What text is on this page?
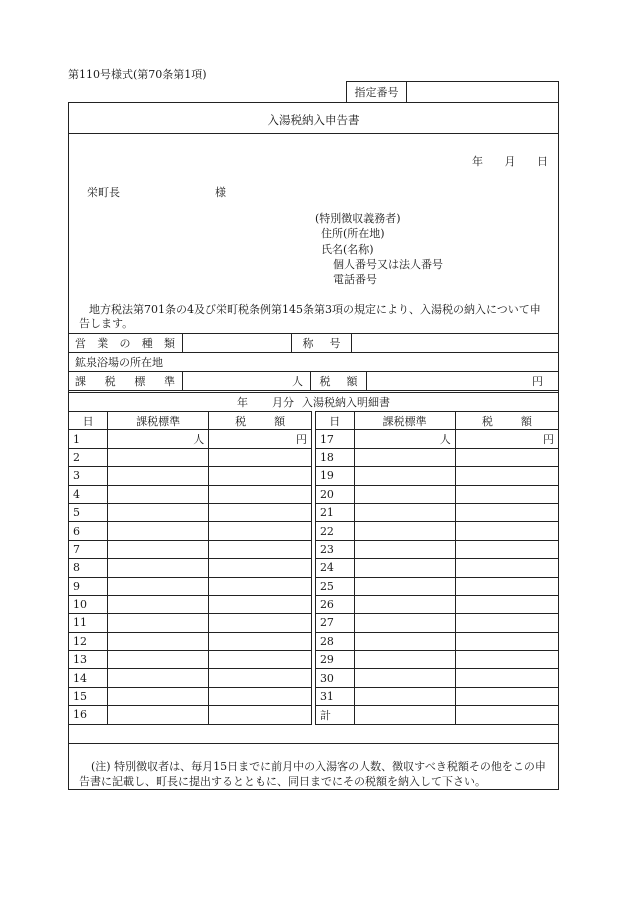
第110号様式(第70条第1項)
指定番号
入湯税納入申告書
年 月 日
栄町長	様
(特別徴収義務者)
住所(所在地)
氏名(名称)
個人番号又は法人番号
電話番号
地方税法第701条の4及び栄町税条例第145条第3項の規定により、入湯税の納入について申告します。
営 業 の 種 類	称 号
鉱泉浴場の所在地
課 税 標 準	人 税 額	円
年 月分 入湯税納入明細書
日	課税標準	税 額		日	課税標準	税 額
1	人	円		17	人	円
2				18		
3				19		
4				20		
5				21		
6				22		
7				23		
8				24		
9				25		
10				26		
11				27		
12				28		
13				29		
14				30		
15				31		
16				計		
(注) 特別徴収者は、毎月15日までに前月中の入湯客の人数、徴収すべき税額その他をこの申告書に記載し、町長に提出するとともに、同日までにその税額を納入して下さい。
